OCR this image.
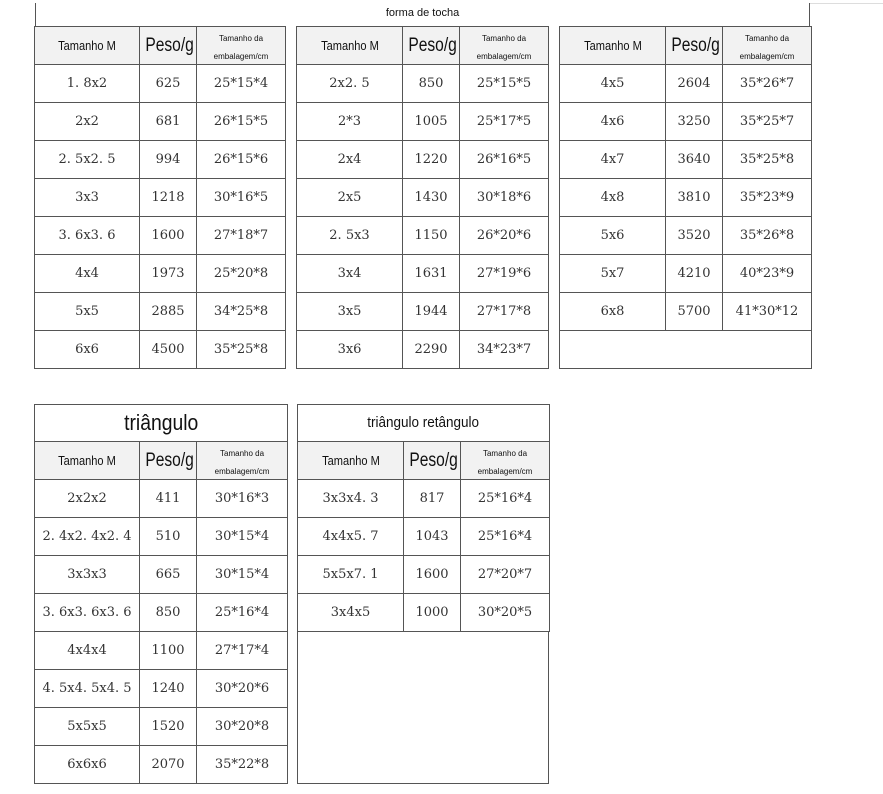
forma de tocha
Tamanho M	Peso/g	Tamanho da embalagem/cm		Tamanho M	Peso/g	Tamanho da embalagem/cm		Tamanho M	Peso/g	Tamanho da embalagem/cm
1. 8x2	625	25*15*4		2x2. 5	850	25*15*5		4x5	2604	35*26*7
2x2	681	26*15*5		2*3	1005	25*17*5		4x6	3250	35*25*7
2. 5x2. 5	994	26*15*6		2x4	1220	26*16*5		4x7	3640	35*25*8
3x3	1218	30*16*5		2x5	1430	30*18*6		4x8	3810	35*23*9
3. 6x3. 6	1600	27*18*7		2. 5x3	1150	26*20*6		5x6	3520	35*26*8
4x4	1973	25*20*8		3x4	1631	27*19*6		5x7	4210	40*23*9
5x5	2885	34*25*8		3x5	1944	27*17*8		6x8	5700	41*30*12
6x6	4500	35*25*8		3x6	2290	34*23*7				
triângulo		
Tamanho M	Peso/g	Tamanho da embalagem/cm
2x2x2	411	30*16*3
2. 4x2. 4x2. 4	510	30*15*4
3x3x3	665	30*15*4
3. 6x3. 6x3. 6	850	25*16*4
4x4x4	1100	27*17*4
4. 5x4. 5x4. 5	1240	30*20*6
5x5x5	1520	30*20*8
6x6x6	2070	35*22*8
triângulo retângulo		
Tamanho M	Peso/g	Tamanho da embalagem/cm
3x3x4. 3	817	25*16*4
4x4x5. 7	1043	25*16*4
5x5x7. 1	1600	27*20*7
3x4x5	1000	30*20*5
